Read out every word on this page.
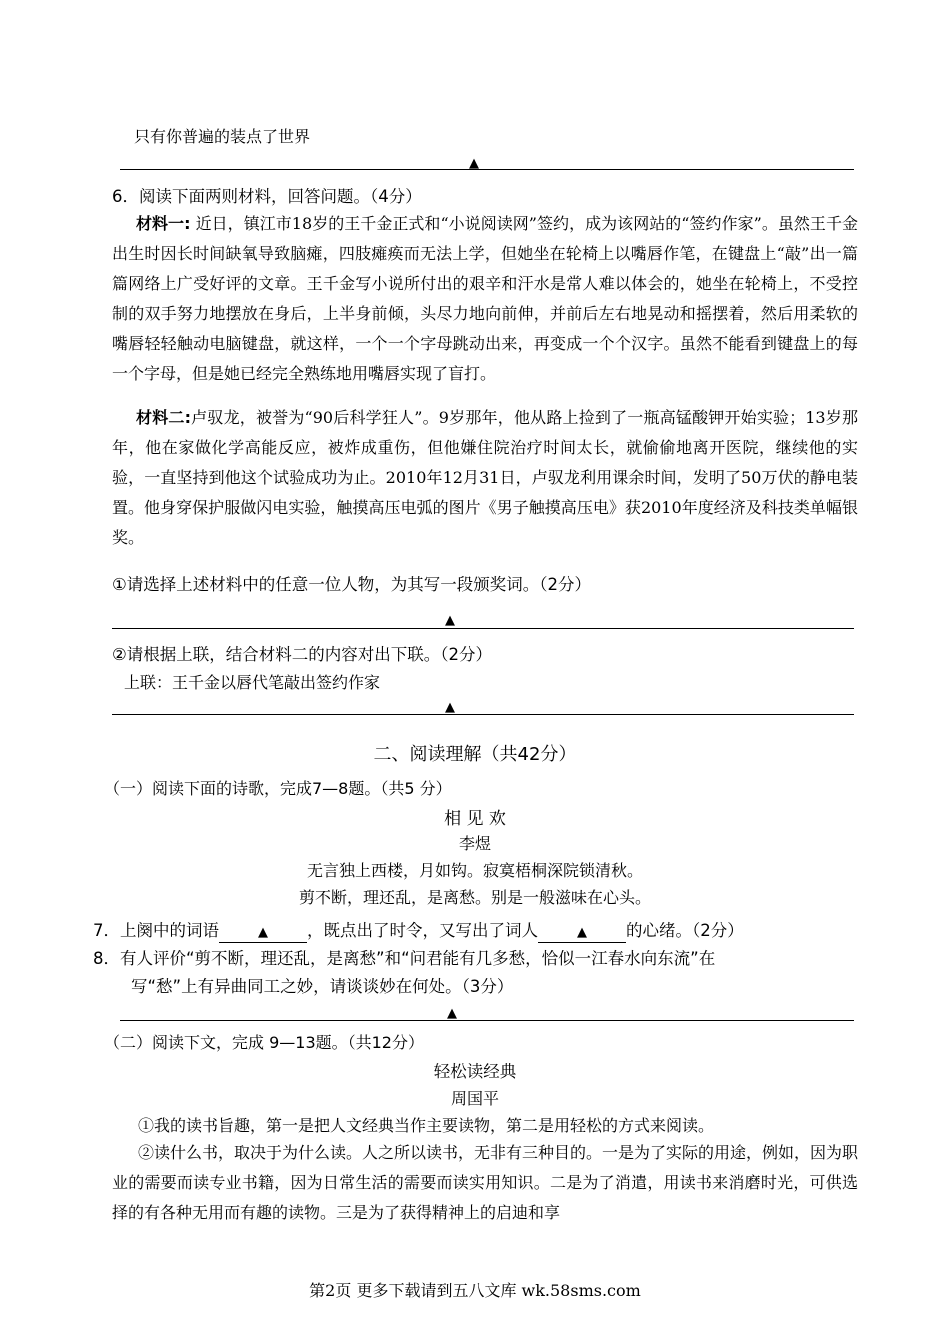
只有你普遍的装点了世界
▲
6．阅读下面两则材料，回答问题。（4分）
材料一: 近日，镇江市18岁的王千金正式和“小说阅读网”签约，成为该网站的“签约作家”。虽然王千金出生时因长时间缺氧导致脑瘫，四肢瘫痪而无法上学，但她坐在轮椅上以嘴唇作笔，在键盘上“敲”出一篇篇网络上广受好评的文章。王千金写小说所付出的艰辛和汗水是常人难以体会的，她坐在轮椅上，不受控制的双手努力地摆放在身后，上半身前倾，头尽力地向前伸，并前后左右地晃动和摇摆着，然后用柔软的嘴唇轻轻触动电脑键盘，就这样，一个一个字母跳动出来，再变成一个个汉字。虽然不能看到键盘上的每一个字母，但是她已经完全熟练地用嘴唇实现了盲打。
材料二:卢驭龙，被誉为“90后科学狂人”。9岁那年，他从路上捡到了一瓶高锰酸钾开始实验；13岁那年，他在家做化学高能反应，被炸成重伤，但他嫌住院治疗时间太长，就偷偷地离开医院，继续他的实验，一直坚持到他这个试验成功为止。2010年12月31日，卢驭龙利用课余时间，发明了50万伏的静电装置。他身穿保护服做闪电实验，触摸高压电弧的图片《男子触摸高压电》获2010年度经济及科技类单幅银奖。
①请选择上述材料中的任意一位人物，为其写一段颁奖词。（2分）
▲
②请根据上联，结合材料二的内容对出下联。（2分）
上联：王千金以唇代笔敲出签约作家
▲
二、阅读理解（共42分）
（一）阅读下面的诗歌，完成7—8题。（共5 分）
相 见 欢
李煜
无言独上西楼，月如钩。寂寞梧桐深院锁清秋。
剪不断，理还乱，是离愁。别是一般滋味在心头。
7．上阕中的词语	▲ ，既点出了时令，又写出了词人	▲ 的心绪。（2分）
8．有人评价“剪不断，理还乱，是离愁”和“问君能有几多愁，恰似一江春水向东流”在
写“愁”上有异曲同工之妙，请谈谈妙在何处。（3分）
▲
（二）阅读下文，完成 9—13题。（共12分）
轻松读经典
周国平
①我的读书旨趣，第一是把人文经典当作主要读物，第二是用轻松的方式来阅读。
②读什么书，取决于为什么读。人之所以读书，无非有三种目的。一是为了实际的用途，例如，因为职业的需要而读专业书籍，因为日常生活的需要而读实用知识。二是为了消遣，用读书来消磨时光，可供选择的有各种无用而有趣的读物。三是为了获得精神上的启迪和享
第2页 更多下载请到五八文库 wk.58sms.com
